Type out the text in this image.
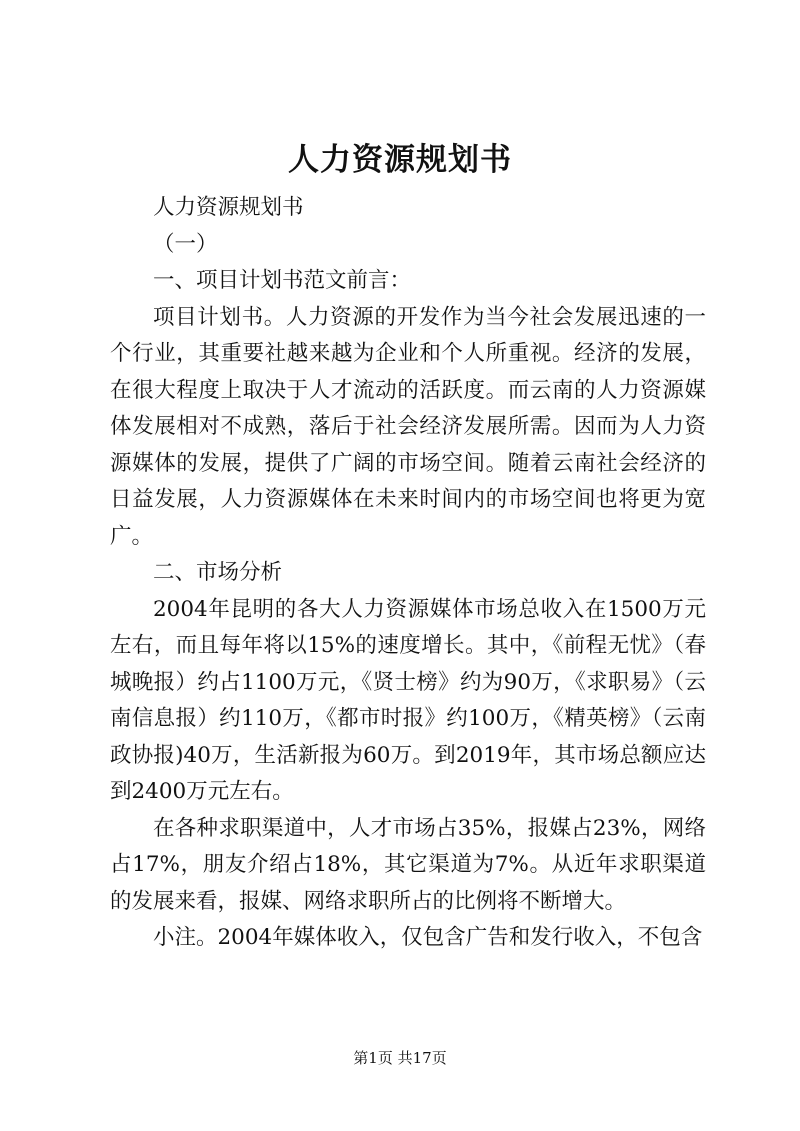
人力资源规划书

人力资源规划书

（一）

一、项目计划书范文前言：

项目计划书。人力资源的开发作为当今社会发展迅速的一个行业，其重要社越来越为企业和个人所重视。经济的发展，在很大程度上取决于人才流动的活跃度。而云南的人力资源媒体发展相对不成熟，落后于社会经济发展所需。因而为人力资源媒体的发展，提供了广阔的市场空间。随着云南社会经济的日益发展，人力资源媒体在未来时间内的市场空间也将更为宽广。

二、市场分析

2004年昆明的各大人力资源媒体市场总收入在1500万元左右，而且每年将以15%的速度增长。其中，《前程无忧》（春城晚报）约占1100万元，《贤士榜》约为90万，《求职易》（云南信息报）约110万，《都市时报》约100万，《精英榜》（云南政协报)40万，生活新报为60万。到2019年，其市场总额应达到2400万元左右。

在各种求职渠道中，人才市场占35%，报媒占23%，网络占17%，朋友介绍占18%，其它渠道为7%。从近年求职渠道的发展来看，报媒、网络求职所占的比例将不断增大。

小注。2004年媒体收入，仅包含广告和发行收入，不包含

第1页 共17页
